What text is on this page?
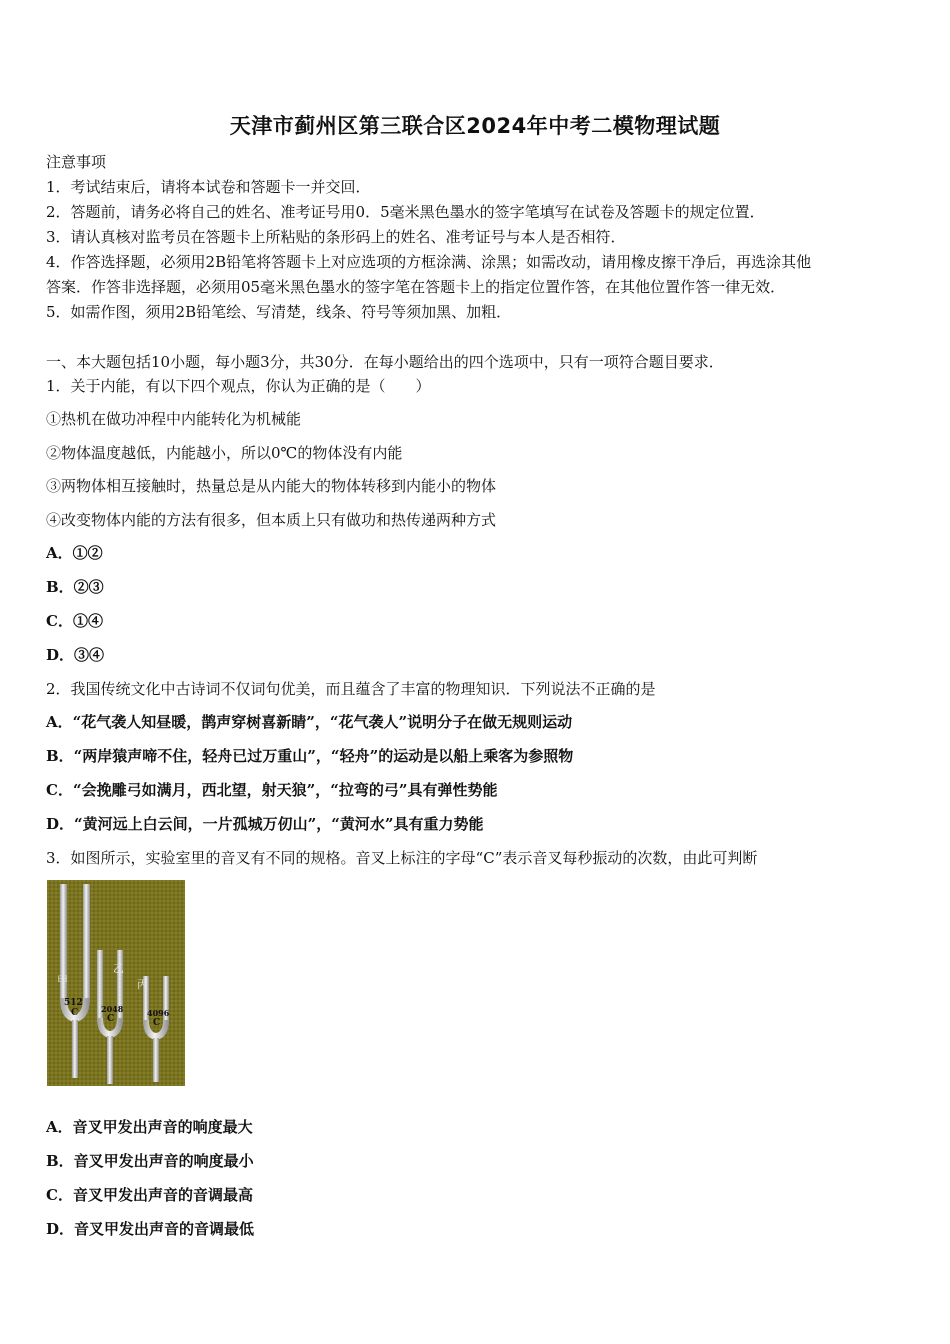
天津市蓟州区第三联合区2024年中考二模物理试题
注意事项
1．考试结束后，请将本试卷和答题卡一并交回．
2．答题前，请务必将自己的姓名、准考证号用0．5毫米黑色墨水的签字笔填写在试卷及答题卡的规定位置．
3．请认真核对监考员在答题卡上所粘贴的条形码上的姓名、准考证号与本人是否相符．
4．作答选择题，必须用2B铅笔将答题卡上对应选项的方框涂满、涂黑；如需改动，请用橡皮擦干净后，再选涂其他
答案．作答非选择题，必须用05毫米黑色墨水的签字笔在答题卡上的指定位置作答，在其他位置作答一律无效．
5．如需作图，须用2B铅笔绘、写清楚，线条、符号等须加黑、加粗．
一、本大题包括10小题，每小题3分，共30分．在每小题给出的四个选项中，只有一项符合题目要求．
1．关于内能，有以下四个观点，你认为正确的是（　　）
①热机在做功冲程中内能转化为机械能
②物体温度越低，内能越小，所以0℃的物体没有内能
③两物体相互接触时，热量总是从内能大的物体转移到内能小的物体
④改变物体内能的方法有很多，但本质上只有做功和热传递两种方式
A．①②
B．②③
C．①④
D．③④
2．我国传统文化中古诗词不仅词句优美，而且蕴含了丰富的物理知识．下列说法不正确的是
A．“花气袭人知昼暖，鹊声穿树喜新睛”，“花气袭人”说明分子在做无规则运动
B．“两岸猿声啼不住，轻舟已过万重山”，“轻舟”的运动是以船上乘客为参照物
C．“会挽雕弓如满月，西北望，射天狼”，“拉弯的弓”具有弹性势能
D．“黄河远上白云间，一片孤城万仞山”，“黄河水”具有重力势能
3．如图所示，实验室里的音叉有不同的规格。音叉上标注的字母“C”表示音叉每秒振动的次数，由此可判断
甲
乙
丙
512
C	2048
C
4096
C
A．音叉甲发出声音的响度最大
B．音叉甲发出声音的响度最小
C．音叉甲发出声音的音调最高
D．音叉甲发出声音的音调最低
